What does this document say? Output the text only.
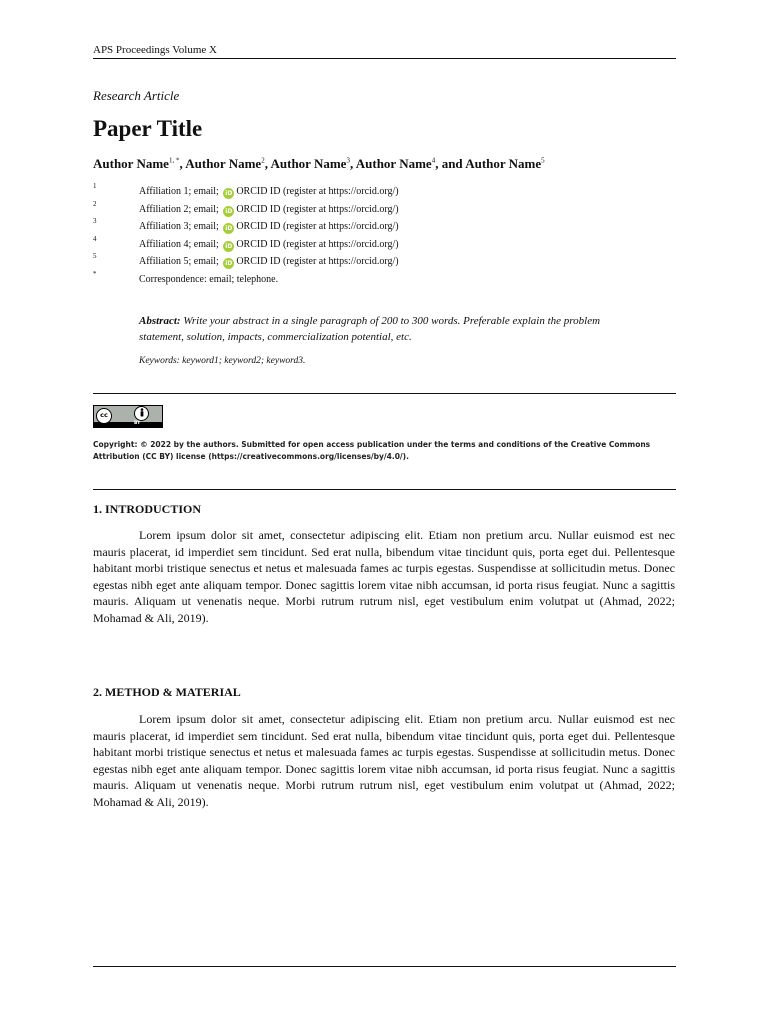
APS Proceedings Volume X
Research Article
Paper Title
Author Name$^{1, *}$, Author Name$^2$, Author Name$^3$, Author Name$^4$, and Author Name$^5$
1	Affiliation 1; email; iD ORCID ID (register at https://orcid.org/)
2	Affiliation 2; email; iD ORCID ID (register at https://orcid.org/)
3	Affiliation 3; email; iD ORCID ID (register at https://orcid.org/)
4	Affiliation 4; email; iD ORCID ID (register at https://orcid.org/)
5	Affiliation 5; email; iD ORCID ID (register at https://orcid.org/)
*	Correspondence: email; telephone.
Abstract: Write your abstract in a single paragraph of 200 to 300 words. Preferable explain the problem statement, solution, impacts, commercialization potential, etc.
Keywords: keyword1; keyword2; keyword3.
BY
cc
Copyright: © 2022 by the authors. Submitted for open access publication under the terms and conditions of the Creative Commons Attribution (CC BY) license (https://creativecommons.org/licenses/by/4.0/).
1. INTRODUCTION

Lorem ipsum dolor sit amet, consectetur adipiscing elit. Etiam non pretium arcu. Nullar euismod est nec mauris placerat, id imperdiet sem tincidunt. Sed erat nulla, bibendum vitae tincidunt quis, porta eget dui. Pellentesque habitant morbi tristique senectus et netus et malesuada fames ac turpis egestas. Suspendisse at sollicitudin metus. Donec egestas nibh eget ante aliquam tempor. Donec sagittis lorem vitae nibh accumsan, id porta risus feugiat. Nunc a sagittis mauris. Aliquam ut venenatis neque. Morbi rutrum rutrum nisl, eget vestibulum enim volutpat ut (Ahmad, 2022; Mohamad & Ali, 2019).

2. METHOD & MATERIAL

Lorem ipsum dolor sit amet, consectetur adipiscing elit. Etiam non pretium arcu. Nullar euismod est nec mauris placerat, id imperdiet sem tincidunt. Sed erat nulla, bibendum vitae tincidunt quis, porta eget dui. Pellentesque habitant morbi tristique senectus et netus et malesuada fames ac turpis egestas. Suspendisse at sollicitudin metus. Donec egestas nibh eget ante aliquam tempor. Donec sagittis lorem vitae nibh accumsan, id porta risus feugiat. Nunc a sagittis mauris. Aliquam ut venenatis neque. Morbi rutrum rutrum nisl, eget vestibulum enim volutpat ut (Ahmad, 2022; Mohamad & Ali, 2019).
